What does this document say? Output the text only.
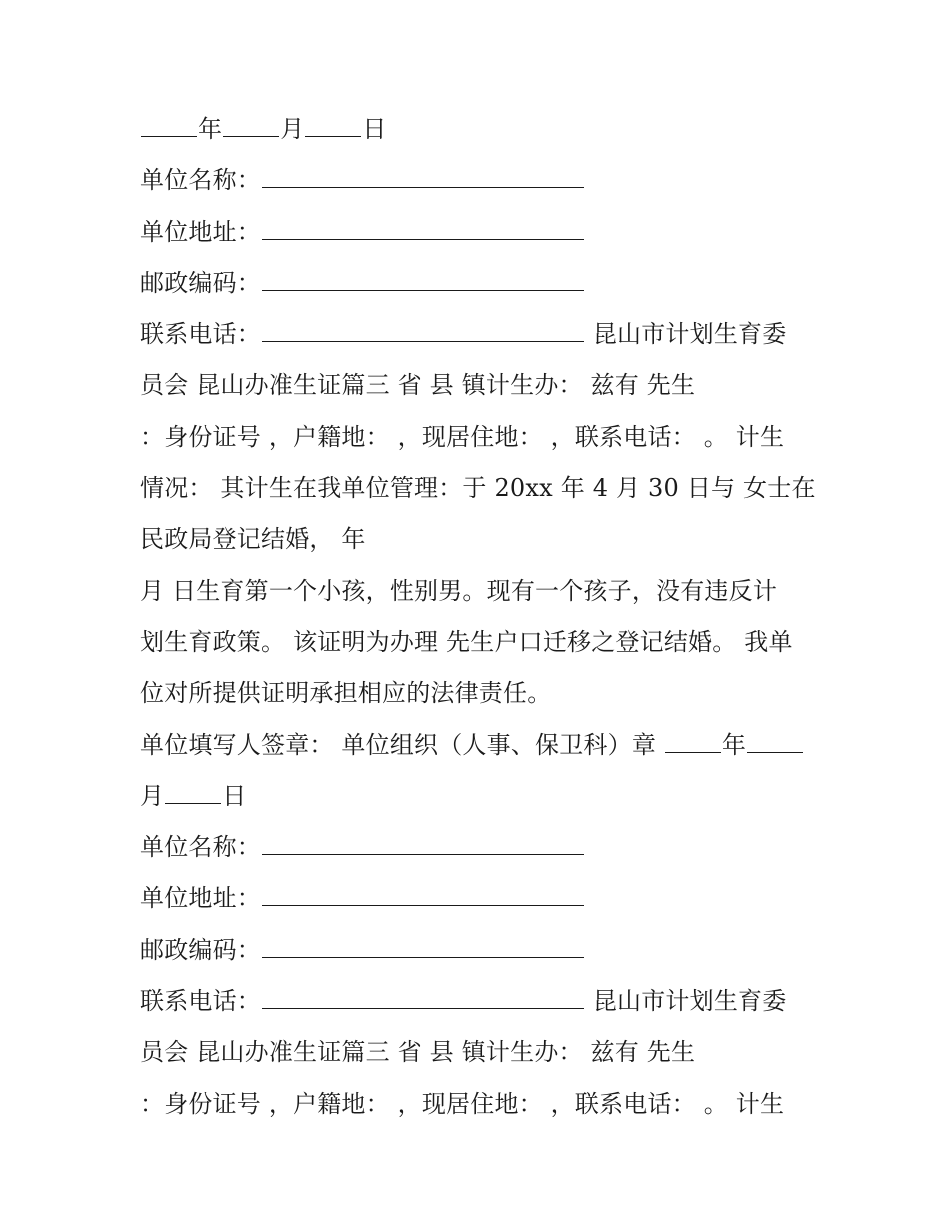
年 月 日
单位名称：
单位地址：
邮政编码：
联系电话：	昆山市计划生育委
员会 昆山办准生证篇三 省 县 镇计生办： 兹有 先生
：身份证号 ，户籍地： ，现居住地： ，联系电话： 。 计生
情况： 其计生在我单位管理：于 20xx 年 4 月 30 日与 女士在
民政局登记结婚， 年
月 日生育第一个小孩，性别男。现有一个孩子，没有违反计
划生育政策。 该证明为办理 先生户口迁移之登记结婚。 我单
位对所提供证明承担相应的法律责任。
单位填写人签章： 单位组织（人事、保卫科）章 年
月 日
单位名称：
单位地址：
邮政编码：
联系电话：	昆山市计划生育委
员会 昆山办准生证篇三 省 县 镇计生办： 兹有 先生
：身份证号 ，户籍地： ，现居住地： ，联系电话： 。 计生
